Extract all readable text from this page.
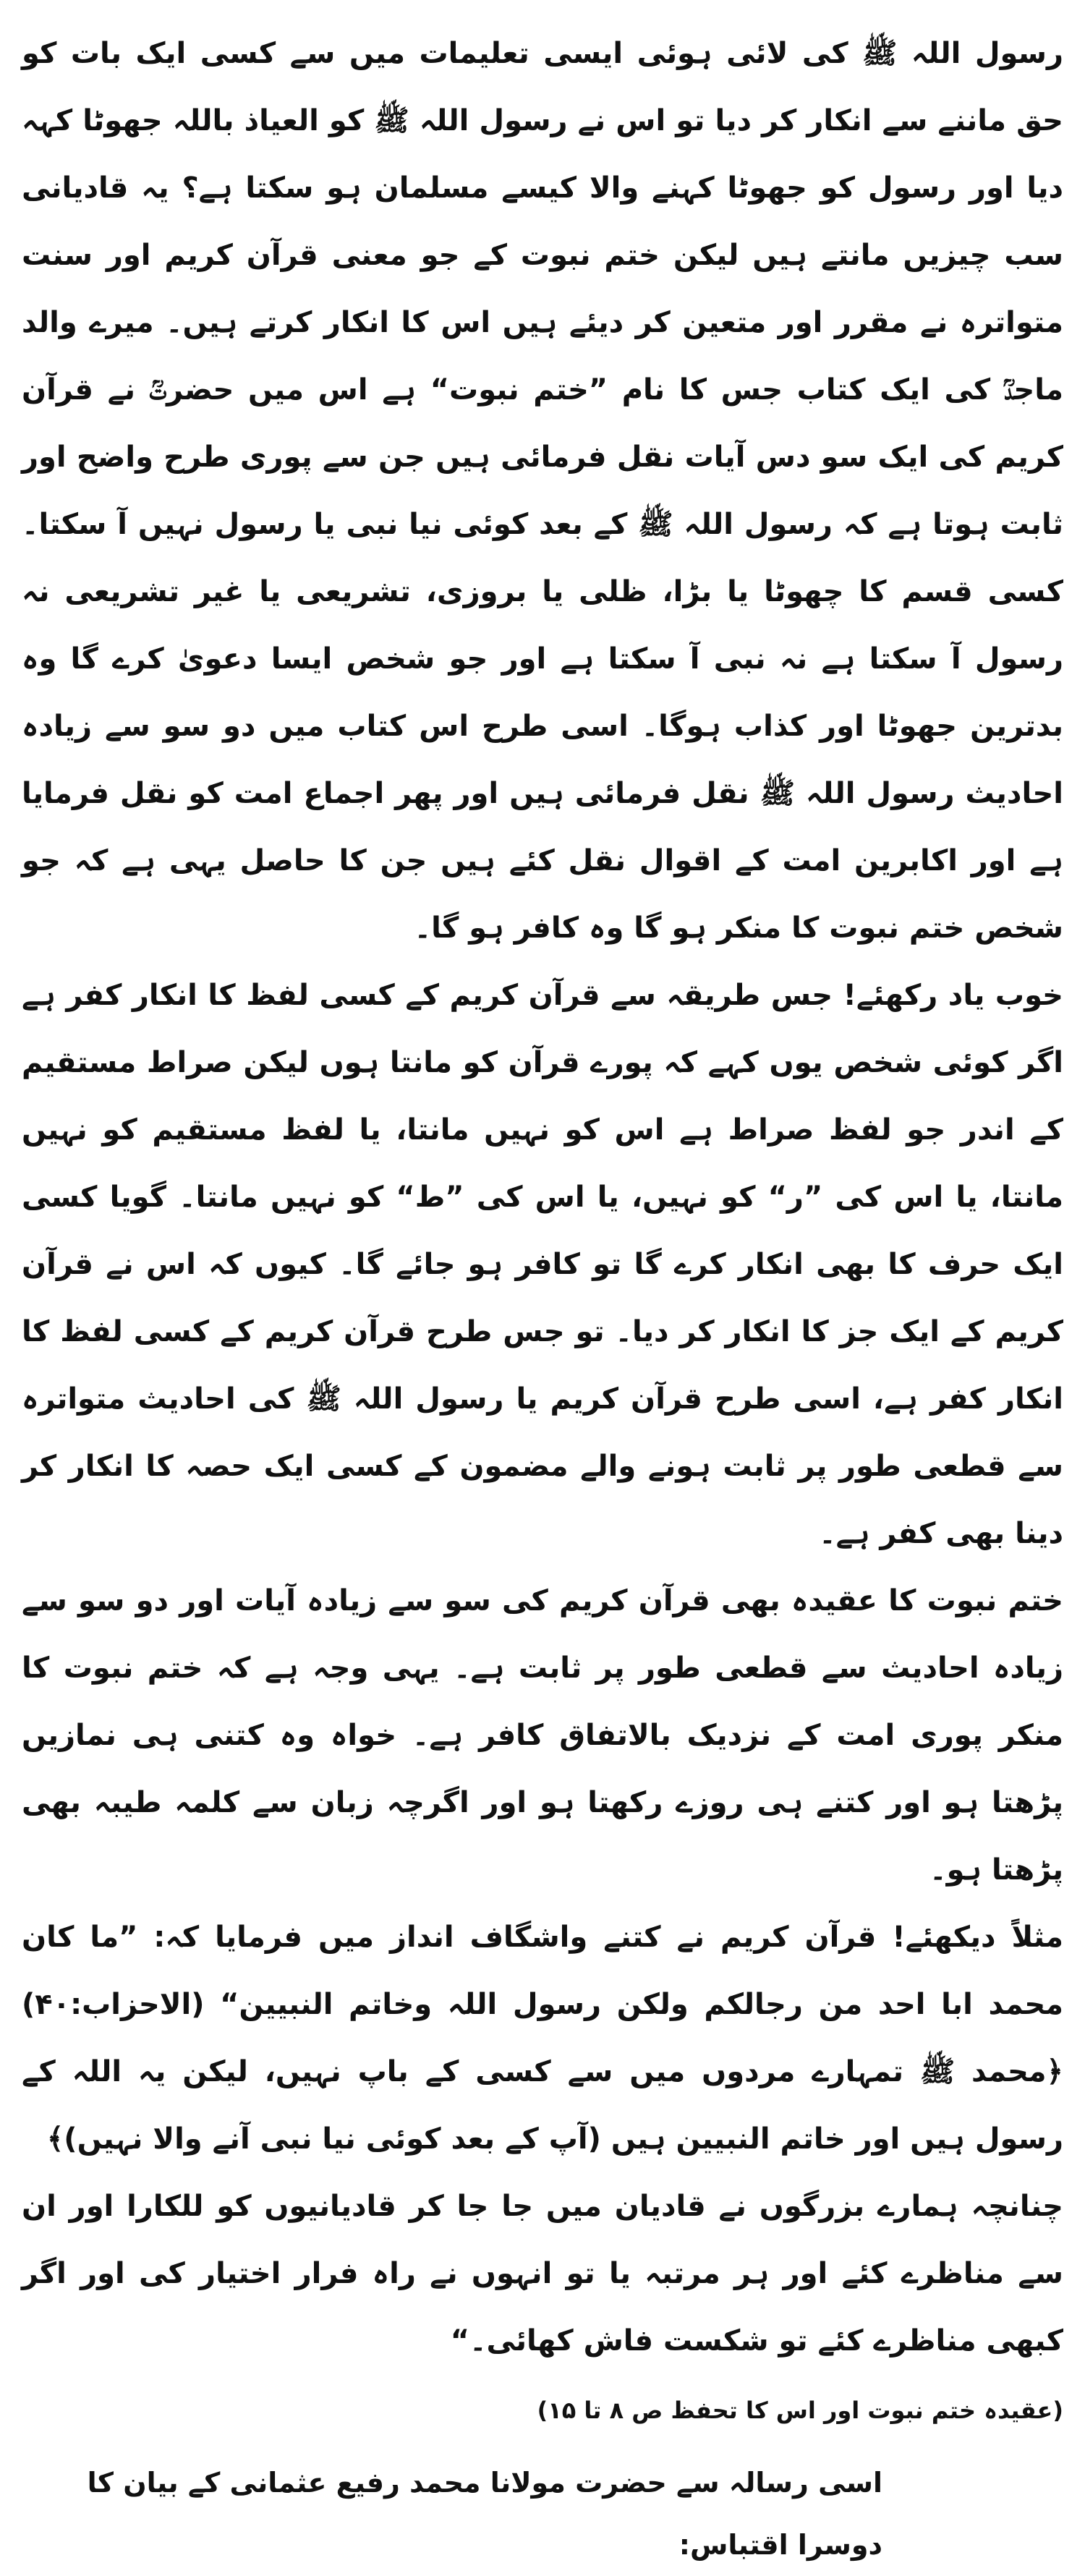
رسول اللہ ﷺ کی لائی ہوئی ایسی تعلیمات میں سے کسی ایک بات کو حق ماننے سے انکار کر دیا تو اس نے رسول اللہ ﷺ کو العیاذ باللہ جھوٹا کہہ دیا اور رسول کو جھوٹا کہنے والا کیسے مسلمان ہو سکتا ہے؟ یہ قادیانی سب چیزیں مانتے ہیں لیکن ختم نبوت کے جو معنی قرآن کریم اور سنت متواترہ نے مقرر اور متعین کر دیئے ہیں اس کا انکار کرتے ہیں۔ میرے والد ماجدؒ کی ایک کتاب جس کا نام ”ختم نبوت“ ہے اس میں حضرتؒ نے قرآن کریم کی ایک سو دس آیات نقل فرمائی ہیں جن سے پوری طرح واضح اور ثابت ہوتا ہے کہ رسول اللہ ﷺ کے بعد کوئی نیا نبی یا رسول نہیں آ سکتا۔ کسی قسم کا چھوٹا یا بڑا، ظلی یا بروزی، تشریعی یا غیر تشریعی نہ رسول آ سکتا ہے نہ نبی آ سکتا ہے اور جو شخص ایسا دعویٰ کرے گا وہ بدترین جھوٹا اور کذاب ہوگا۔ اسی طرح اس کتاب میں دو سو سے زیادہ احادیث رسول اللہ ﷺ نقل فرمائی ہیں اور پھر اجماع امت کو نقل فرمایا ہے اور اکابرین امت کے اقوال نقل کئے ہیں جن کا حاصل یہی ہے کہ جو شخص ختم نبوت کا منکر ہو گا وہ کافر ہو گا۔

خوب یاد رکھئے! جس طریقہ سے قرآن کریم کے کسی لفظ کا انکار کفر ہے اگر کوئی شخص یوں کہے کہ پورے قرآن کو مانتا ہوں لیکن صراط مستقیم کے اندر جو لفظ صراط ہے اس کو نہیں مانتا، یا لفظ مستقیم کو نہیں مانتا، یا اس کی ”ر“ کو نہیں، یا اس کی ”ط“ کو نہیں مانتا۔ گویا کسی ایک حرف کا بھی انکار کرے گا تو کافر ہو جائے گا۔ کیوں کہ اس نے قرآن کریم کے ایک جز کا انکار کر دیا۔ تو جس طرح قرآن کریم کے کسی لفظ کا انکار کفر ہے، اسی طرح قرآن کریم یا رسول اللہ ﷺ کی احادیث متواترہ سے قطعی طور پر ثابت ہونے والے مضمون کے کسی ایک حصہ کا انکار کر دینا بھی کفر ہے۔

ختم نبوت کا عقیدہ بھی قرآن کریم کی سو سے زیادہ آیات اور دو سو سے زیادہ احادیث سے قطعی طور پر ثابت ہے۔ یہی وجہ ہے کہ ختم نبوت کا منکر پوری امت کے نزدیک بالاتفاق کافر ہے۔ خواہ وہ کتنی ہی نمازیں پڑھتا ہو اور کتنے ہی روزے رکھتا ہو اور اگرچہ زبان سے کلمہ طیبہ بھی پڑھتا ہو۔

مثلاً دیکھئے! قرآن کریم نے کتنے واشگاف انداز میں فرمایا کہ: ”ما کان محمد ابا احد من رجالکم ولکن رسول اللہ وخاتم النبیین“ (الاحزاب:۴۰) ﴿محمد ﷺ تمہارے مردوں میں سے کسی کے باپ نہیں، لیکن یہ اللہ کے رسول ہیں اور خاتم النبیین ہیں (آپ کے بعد کوئی نیا نبی آنے والا نہیں)﴾

چنانچہ ہمارے بزرگوں نے قادیان میں جا جا کر قادیانیوں کو للکارا اور ان سے مناظرے کئے اور ہر مرتبہ یا تو انہوں نے راہ فرار اختیار کی اور اگر کبھی مناظرے کئے تو شکست فاش کھائی۔“

(عقیدہ ختم نبوت اور اس کا تحفظ ص ۸ تا ۱۵)

اسی رسالہ سے حضرت مولانا محمد رفیع عثمانی کے بیان کا دوسرا اقتباس:
